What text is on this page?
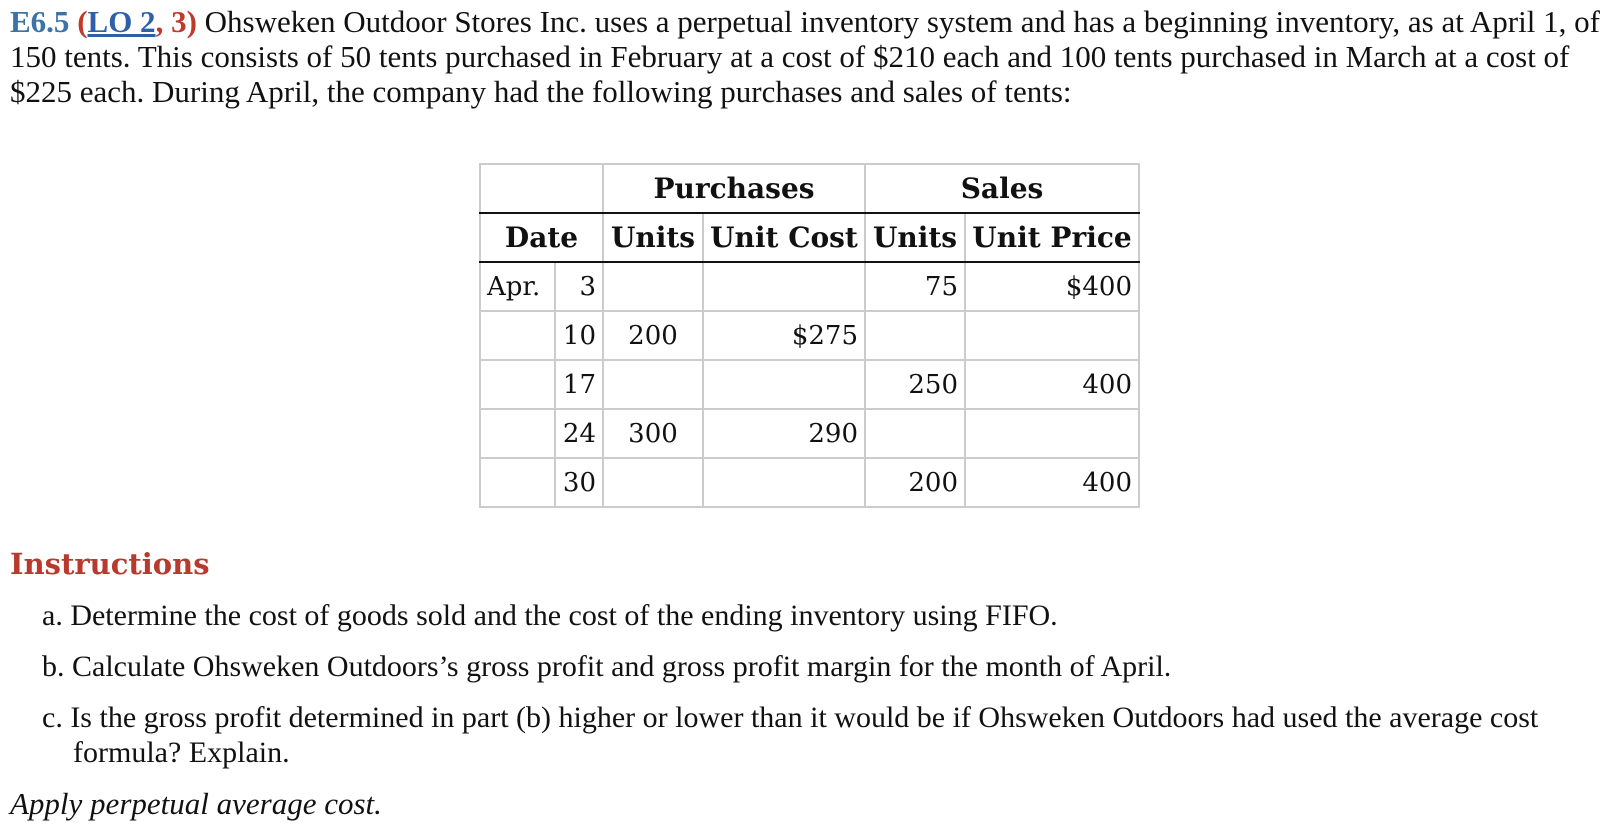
E6.5 (LO 2, 3) Ohsweken Outdoor Stores Inc. uses a perpetual inventory system and has a beginning inventory, as at April 1, of 150 tents. This consists of 50 tents purchased in February at a cost of $210 each and 100 tents purchased in March at a cost of $225 each. During April, the company had the following purchases and sales of tents:
		Purchases		Sales	
Date		Units	Unit Cost	Units	Unit Price
Apr.	3			75	$400
	10	200	$275		
	17			250	400
	24	300	290		
	30			200	400
Instructions
a. Determine the cost of goods sold and the cost of the ending inventory using FIFO.
b. Calculate Ohsweken Outdoors’s gross profit and gross profit margin for the month of April.
c. Is the gross profit determined in part (b) higher or lower than it would be if Ohsweken Outdoors had used the average cost formula? Explain.
Apply perpetual average cost.
